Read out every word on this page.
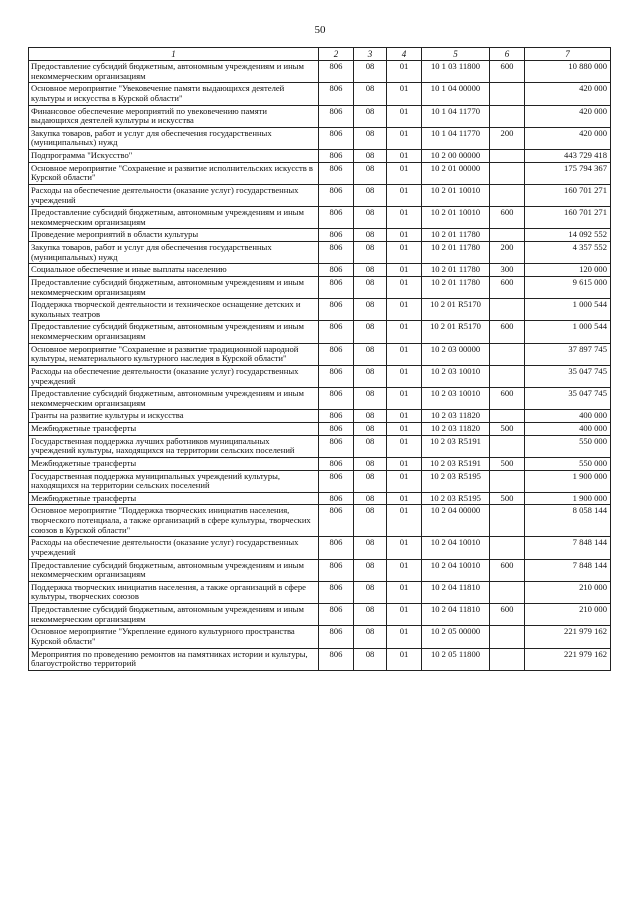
50
1	2	3	4	5	6	7
Предоставление субсидий бюджетным, автономным учреждениям и иным некоммерческим организациям	806	08	01	10 1 03 11800	600	10 880 000
Основное мероприятие "Увековечение памяти выдающихся деятелей культуры и искусства в Курской области"	806	08	01	10 1 04 00000		420 000
Финансовое обеспечение мероприятий по увековечению памяти выдающихся деятелей культуры и искусства	806	08	01	10 1 04 11770		420 000
Закупка товаров, работ и услуг для обеспечения государственных (муниципальных) нужд	806	08	01	10 1 04 11770	200	420 000
Подпрограмма "Искусство"	806	08	01	10 2 00 00000		443 729 418
Основное мероприятие "Сохранение и развитие исполнительских искусств в Курской области"	806	08	01	10 2 01 00000		175 794 367
Расходы на обеспечение деятельности (оказание услуг) государственных учреждений	806	08	01	10 2 01 10010		160 701 271
Предоставление субсидий бюджетным, автономным учреждениям и иным некоммерческим организациям	806	08	01	10 2 01 10010	600	160 701 271
Проведение мероприятий в области культуры	806	08	01	10 2 01 11780		14 092 552
Закупка товаров, работ и услуг для обеспечения государственных (муниципальных) нужд	806	08	01	10 2 01 11780	200	4 357 552
Социальное обеспечение и иные выплаты населению	806	08	01	10 2 01 11780	300	120 000
Предоставление субсидий бюджетным, автономным учреждениям и иным некоммерческим организациям	806	08	01	10 2 01 11780	600	9 615 000
Поддержка творческой деятельности и техническое оснащение детских и кукольных театров	806	08	01	10 2 01 R5170		1 000 544
Предоставление субсидий бюджетным, автономным учреждениям и иным некоммерческим организациям	806	08	01	10 2 01 R5170	600	1 000 544
Основное мероприятие "Сохранение и развитие традиционной народной культуры, нематериального культурного наследия в Курской области"	806	08	01	10 2 03 00000		37 897 745
Расходы на обеспечение деятельности (оказание услуг) государственных учреждений	806	08	01	10 2 03 10010		35 047 745
Предоставление субсидий бюджетным, автономным учреждениям и иным некоммерческим организациям	806	08	01	10 2 03 10010	600	35 047 745
Гранты на развитие культуры и искусства	806	08	01	10 2 03 11820		400 000
Межбюджетные трансферты	806	08	01	10 2 03 11820	500	400 000
Государственная поддержка лучших работников муниципальных учреждений культуры, находящихся на территории сельских поселений	806	08	01	10 2 03 R5191		550 000
Межбюджетные трансферты	806	08	01	10 2 03 R5191	500	550 000
Государственная поддержка муниципальных учреждений культуры, находящихся на территории сельских поселений	806	08	01	10 2 03 R5195		1 900 000
Межбюджетные трансферты	806	08	01	10 2 03 R5195	500	1 900 000
Основное мероприятие "Поддержка творческих инициатив населения, творческого потенциала, а также организаций в сфере культуры, творческих союзов в Курской области"	806	08	01	10 2 04 00000		8 058 144
Расходы на обеспечение деятельности (оказание услуг) государственных учреждений	806	08	01	10 2 04 10010		7 848 144
Предоставление субсидий бюджетным, автономным учреждениям и иным некоммерческим организациям	806	08	01	10 2 04 10010	600	7 848 144
Поддержка творческих инициатив населения, а также организаций в сфере культуры, творческих союзов	806	08	01	10 2 04 11810		210 000
Предоставление субсидий бюджетным, автономным учреждениям и иным некоммерческим организациям	806	08	01	10 2 04 11810	600	210 000
Основное мероприятие "Укрепление единого культурного пространства Курской области"	806	08	01	10 2 05 00000		221 979 162
Мероприятия по проведению ремонтов на памятниках истории и культуры, благоустройство территорий	806	08	01	10 2 05 11800		221 979 162
